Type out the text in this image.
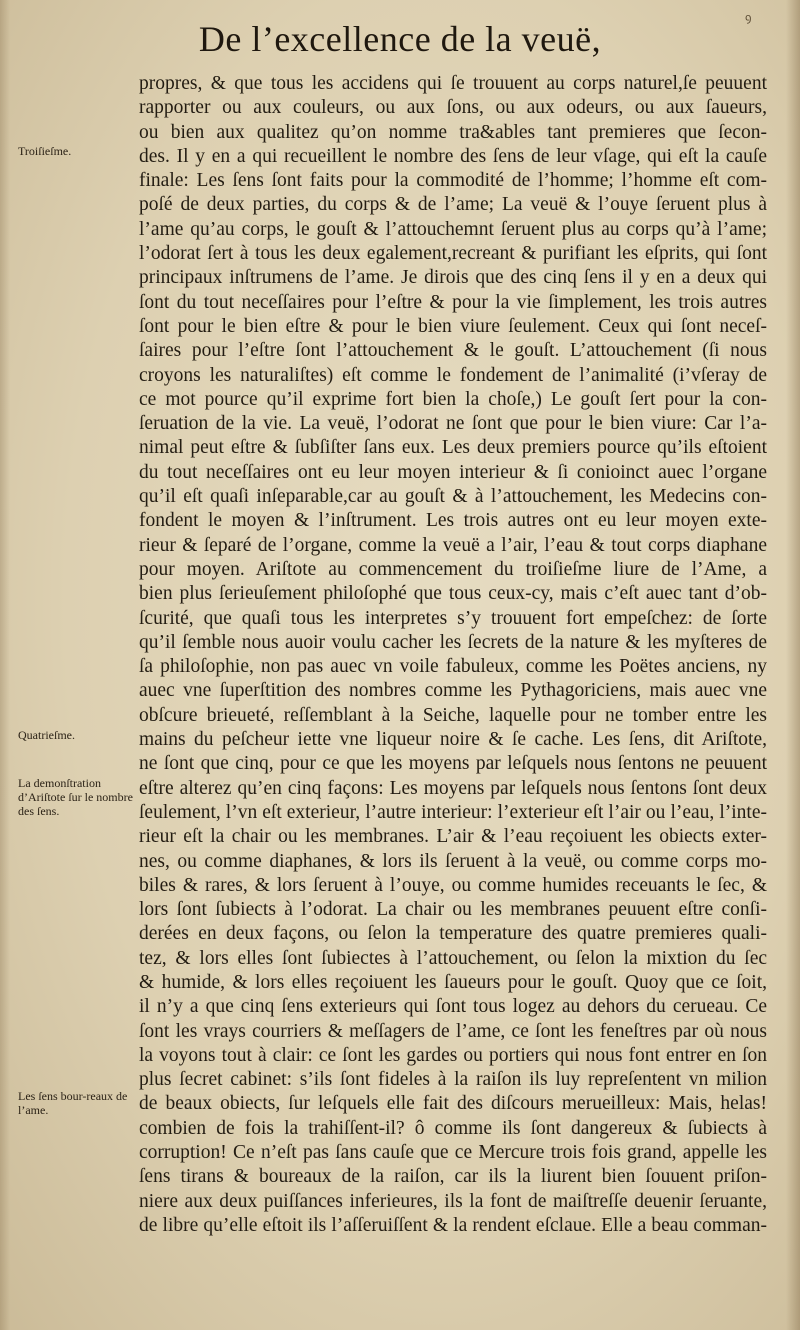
ꝯ
De l’excellence de la veuë,
Troiſieſme.
Quatrieſme.
La demonſtration d’Ariſtote ſur le nombre des ſens.
Les ſens bour-reaux de l’ame.
propres, & que tous les accidens qui ſe trouuent au corps naturel,ſe peuuent
rapporter ou aux couleurs, ou aux ſons, ou aux odeurs, ou aux ſaueurs,
ou bien aux qualitez qu’on nomme tra&ables tant premieres que ſecon-
des. Il y en a qui recueillent le nombre des ſens de leur vſage, qui eſt la cauſe
finale: Les ſens ſont faits pour la commodité de l’homme; l’homme eſt com-
poſé de deux parties, du corps & de l’ame; La veuë & l’ouye ſeruent plus à
l’ame qu’au corps, le gouſt & l’attouchemnt ſeruent plus au corps qu’à l’ame;
l’odorat ſert à tous les deux egalement,recreant & purifiant les eſprits, qui ſont
principaux inſtrumens de l’ame. Je dirois que des cinq ſens il y en a deux qui
ſont du tout neceſſaires pour l’eſtre & pour la vie ſimplement, les trois autres
ſont pour le bien eſtre & pour le bien viure ſeulement. Ceux qui ſont neceſ-
ſaires pour l’eſtre ſont l’attouchement & le gouſt. L’attouchement (ſi nous
croyons les naturaliſtes) eſt comme le fondement de l’animalité (i’vſeray de
ce mot pource qu’il exprime fort bien la choſe,) Le gouſt ſert pour la con-
ſeruation de la vie. La veuë, l’odorat ne ſont que pour le bien viure: Car l’a-
nimal peut eſtre & ſubſiſter ſans eux. Les deux premiers pource qu’ils eſtoient
du tout neceſſaires ont eu leur moyen interieur & ſi conioinct auec l’organe
qu’il eſt quaſi inſeparable,car au gouſt & à l’attouchement, les Medecins con-
fondent le moyen & l’inſtrument. Les trois autres ont eu leur moyen exte-
rieur & ſeparé de l’organe, comme la veuë a l’air, l’eau & tout corps diaphane
pour moyen. Ariſtote au commencement du troiſieſme liure de l’Ame, a
bien plus ſerieuſement philoſophé que tous ceux-cy, mais c’eſt auec tant d’ob-
ſcurité, que quaſi tous les interpretes s’y trouuent fort empeſchez: de ſorte
qu’il ſemble nous auoir voulu cacher les ſecrets de la nature & les myſteres de
ſa philoſophie, non pas auec vn voile fabuleux, comme les Poëtes anciens, ny
auec vne ſuperſtition des nombres comme les Pythagoriciens, mais auec vne
obſcure brieueté, reſſemblant à la Seiche, laquelle pour ne tomber entre les
mains du peſcheur iette vne liqueur noire & ſe cache. Les ſens, dit Ariſtote,
ne ſont que cinq, pour ce que les moyens par leſquels nous ſentons ne peuuent
eſtre alterez qu’en cinq façons: Les moyens par leſquels nous ſentons ſont deux
ſeulement, l’vn eſt exterieur, l’autre interieur: l’exterieur eſt l’air ou l’eau, l’inte-
rieur eſt la chair ou les membranes. L’air & l’eau reçoiuent les obiects exter-
nes, ou comme diaphanes, & lors ils ſeruent à la veuë, ou comme corps mo-
biles & rares, & lors ſeruent à l’ouye, ou comme humides receuants le ſec, &
lors ſont ſubiects à l’odorat. La chair ou les membranes peuuent eſtre conſi-
derées en deux façons, ou ſelon la temperature des quatre premieres quali-
tez, & lors elles ſont ſubiectes à l’attouchement, ou ſelon la mixtion du ſec
& humide, & lors elles reçoiuent les ſaueurs pour le gouſt. Quoy que ce ſoit,
il n’y a que cinq ſens exterieurs qui ſont tous logez au dehors du cerueau. Ce
ſont les vrays courriers & meſſagers de l’ame, ce ſont les feneſtres par où nous
la voyons tout à clair: ce ſont les gardes ou portiers qui nous font entrer en ſon
plus ſecret cabinet: s’ils ſont fideles à la raiſon ils luy repreſentent vn milion
de beaux obiects, ſur leſquels elle fait des diſcours merueilleux: Mais, helas!
combien de fois la trahiſſent-il? ô comme ils ſont dangereux & ſubiects à
corruption! Ce n’eſt pas ſans cauſe que ce Mercure trois fois grand, appelle les
ſens tirans & boureaux de la raiſon, car ils la liurent bien ſouuent priſon-
niere aux deux puiſſances inferieures, ils la font de maiſtreſſe deuenir ſeruante,
de libre qu’elle eſtoit ils l’aſſeruiſſent & la rendent eſclaue. Elle a beau comman-
